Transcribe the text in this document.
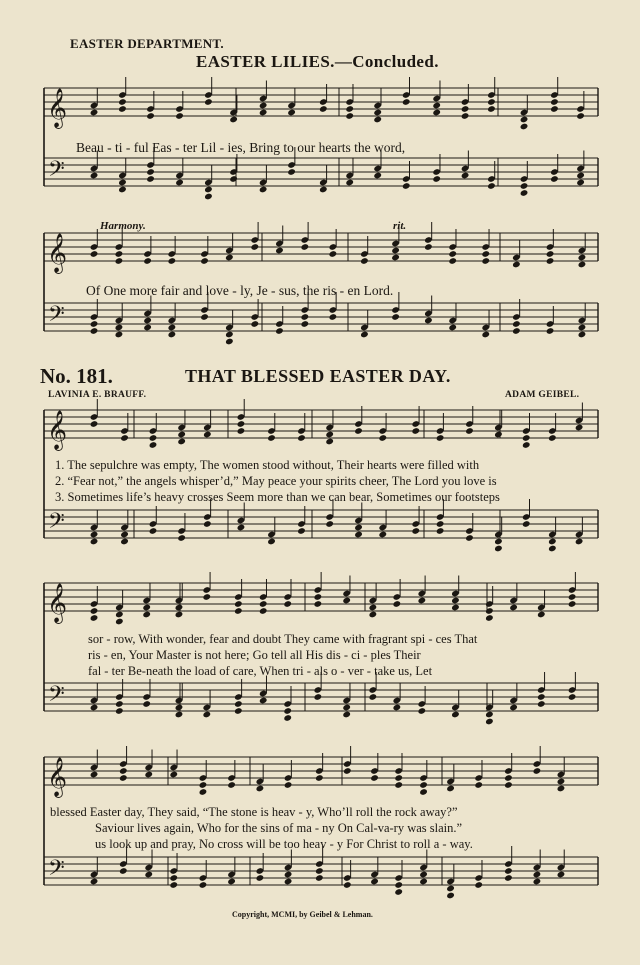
EASTER DEPARTMENT.
EASTER LILIES.—Concluded.
𝄞
𝄢
𝄞
𝄢
𝄞
𝄢
𝄞
𝄢
𝄞
𝄢
Beau - ti - ful Eas - ter Lil - ies, Bring to our hearts the word,
Harmony.	rit.
Of One more fair and love - ly, Je - sus, the ris - en Lord.
No. 181.	THAT BLESSED EASTER DAY.
LAVINIA E. BRAUFF.	ADAM GEIBEL.
1. The sepulchre was empty, The women stood without, Their hearts were filled with
2. “Fear not,” the angels whisper’d,” May peace your spirits cheer, The Lord you love is
3. Sometimes life’s heavy crosses Seem more than we can bear, Sometimes our footsteps
sor - row, With wonder, fear and doubt They came with fragrant spi - ces That
ris - en, Your Master is not here; Go tell all His dis - ci - ples Their
fal - ter Be-neath the load of care, When tri - als o - ver - take us, Let
blessed Easter day, They said, “The stone is heav - y, Who’ll roll the rock away?”
Saviour lives again, Who for the sins of ma - ny On Cal-va-ry was slain.”
us look up and pray, No cross will be too heav - y For Christ to roll a - way.
Copyright, MCMI, by Geibel & Lehman.
